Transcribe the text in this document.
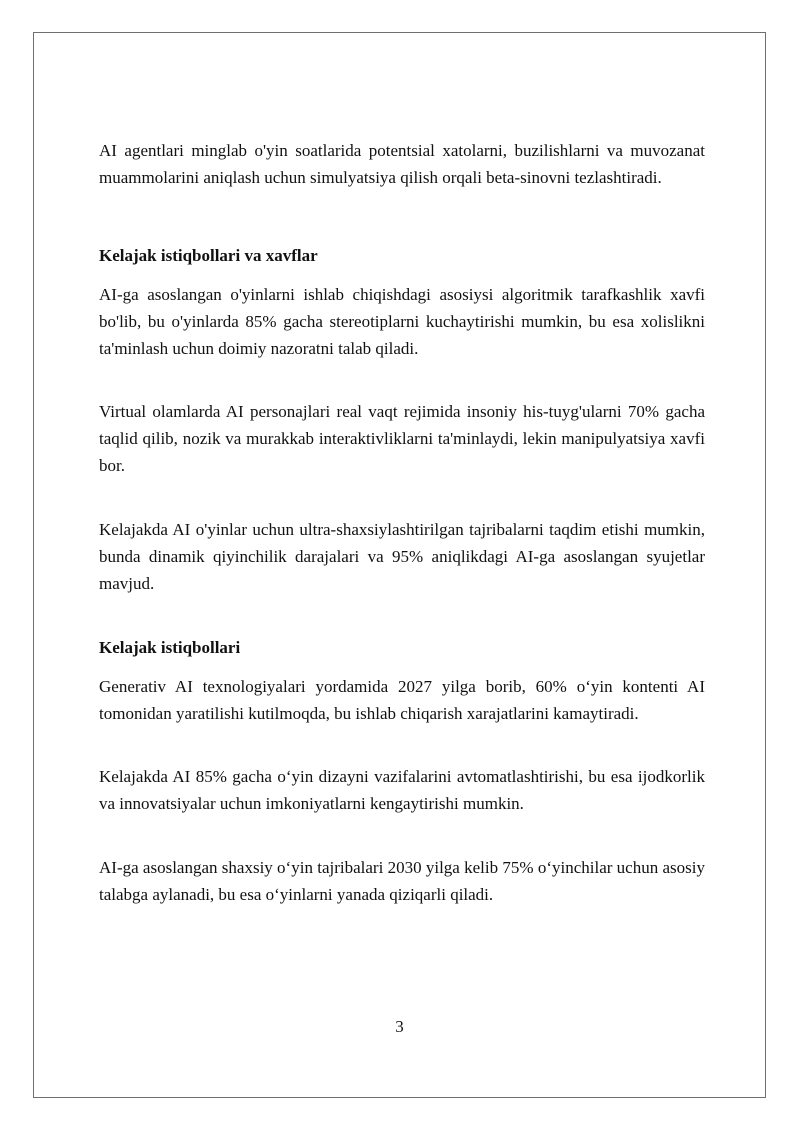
AI agentlari minglab o'yin soatlarida potentsial xatolarni, buzilishlarni va muvozanat muammolarini aniqlash uchun simulyatsiya qilish orqali beta-sinovni tezlashtiradi.

Kelajak istiqbollari va xavflar

AI-ga asoslangan o'yinlarni ishlab chiqishdagi asosiysi algoritmik tarafkashlik xavfi bo'lib, bu o'yinlarda 85% gacha stereotiplarni kuchaytirishi mumkin, bu esa xolislikni ta'minlash uchun doimiy nazoratni talab qiladi.

Virtual olamlarda AI personajlari real vaqt rejimida insoniy his-tuyg'ularni 70% gacha taqlid qilib, nozik va murakkab interaktivliklarni ta'minlaydi, lekin manipulyatsiya xavfi bor.

Kelajakda AI o'yinlar uchun ultra-shaxsiylashtirilgan tajribalarni taqdim etishi mumkin, bunda dinamik qiyinchilik darajalari va 95% aniqlikdagi AI-ga asoslangan syujetlar mavjud.

Kelajak istiqbollari

Generativ AI texnologiyalari yordamida 2027 yilga borib, 60% o‘yin kontenti AI tomonidan yaratilishi kutilmoqda, bu ishlab chiqarish xarajatlarini kamaytiradi.

Kelajakda AI 85% gacha o‘yin dizayni vazifalarini avtomatlashtirishi, bu esa ijodkorlik va innovatsiyalar uchun imkoniyatlarni kengaytirishi mumkin.

AI-ga asoslangan shaxsiy o‘yin tajribalari 2030 yilga kelib 75% o‘yinchilar uchun asosiy talabga aylanadi, bu esa o‘yinlarni yanada qiziqarli qiladi.

3
